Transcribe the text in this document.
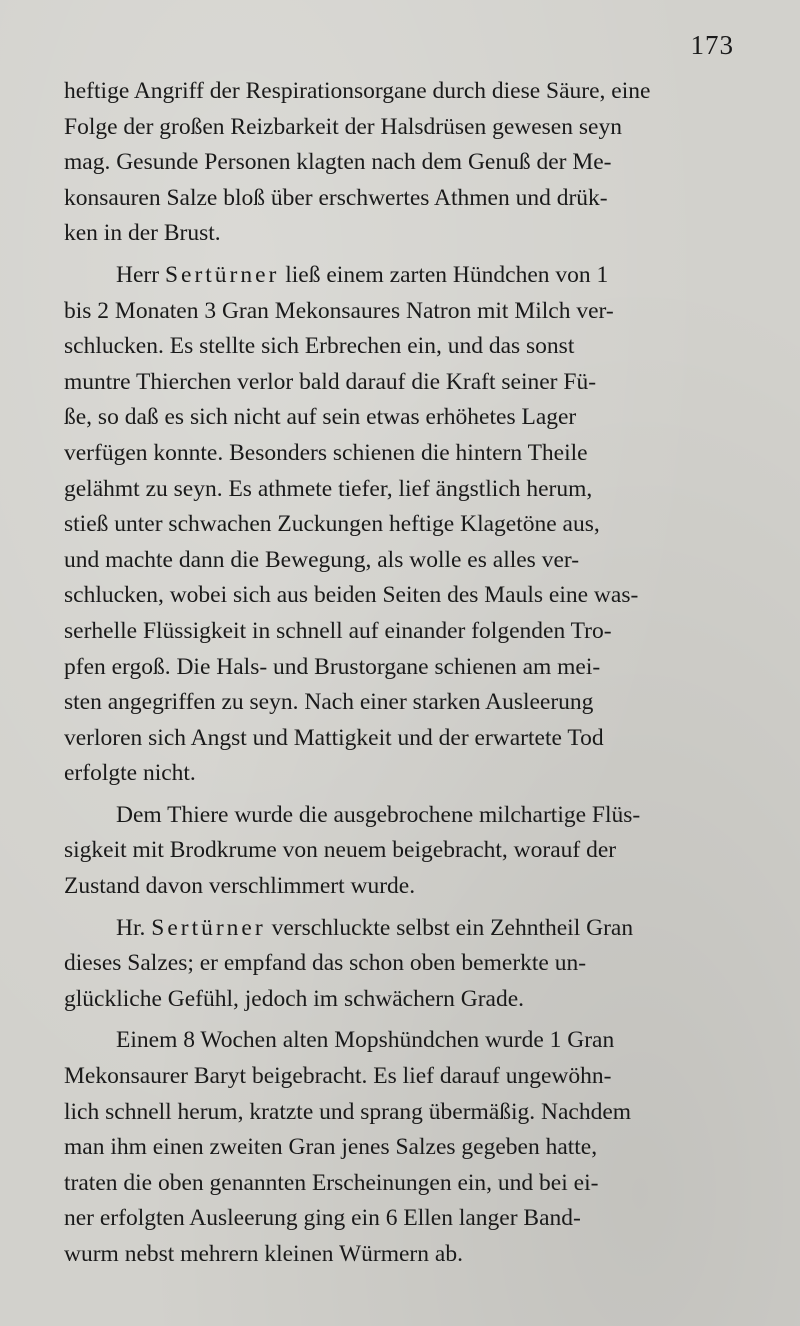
173

heftige Angriff der Respirationsorgane durch diese Säure, eine
Folge der großen Reizbarkeit der Halsdrüsen gewesen seyn
mag. Gesunde Personen klagten nach dem Genuß der Me-
konsauren Salze bloß über erschwertes Athmen und drük-
ken in der Brust.

Herr Sertürner ließ einem zarten Hündchen von 1
bis 2 Monaten 3 Gran Mekonsaures Natron mit Milch ver-
schlucken. Es stellte sich Erbrechen ein, und das sonst
muntre Thierchen verlor bald darauf die Kraft seiner Fü-
ße, so daß es sich nicht auf sein etwas erhöhetes Lager
verfügen konnte. Besonders schienen die hintern Theile
gelähmt zu seyn. Es athmete tiefer, lief ängstlich herum,
stieß unter schwachen Zuckungen heftige Klagetöne aus,
und machte dann die Bewegung, als wolle es alles ver-
schlucken, wobei sich aus beiden Seiten des Mauls eine was-
serhelle Flüssigkeit in schnell auf einander folgenden Tro-
pfen ergoß. Die Hals- und Brustorgane schienen am mei-
sten angegriffen zu seyn. Nach einer starken Ausleerung
verloren sich Angst und Mattigkeit und der erwartete Tod
erfolgte nicht.

Dem Thiere wurde die ausgebrochene milchartige Flüs-
sigkeit mit Brodkrume von neuem beigebracht, worauf der
Zustand davon verschlimmert wurde.

Hr. Sertürner verschluckte selbst ein Zehntheil Gran
dieses Salzes; er empfand das schon oben bemerkte un-
glückliche Gefühl, jedoch im schwächern Grade.

Einem 8 Wochen alten Mopshündchen wurde 1 Gran
Mekonsaurer Baryt beigebracht. Es lief darauf ungewöhn-
lich schnell herum, kratzte und sprang übermäßig. Nachdem
man ihm einen zweiten Gran jenes Salzes gegeben hatte,
traten die oben genannten Erscheinungen ein, und bei ei-
ner erfolgten Ausleerung ging ein 6 Ellen langer Band-
wurm nebst mehrern kleinen Würmern ab.
